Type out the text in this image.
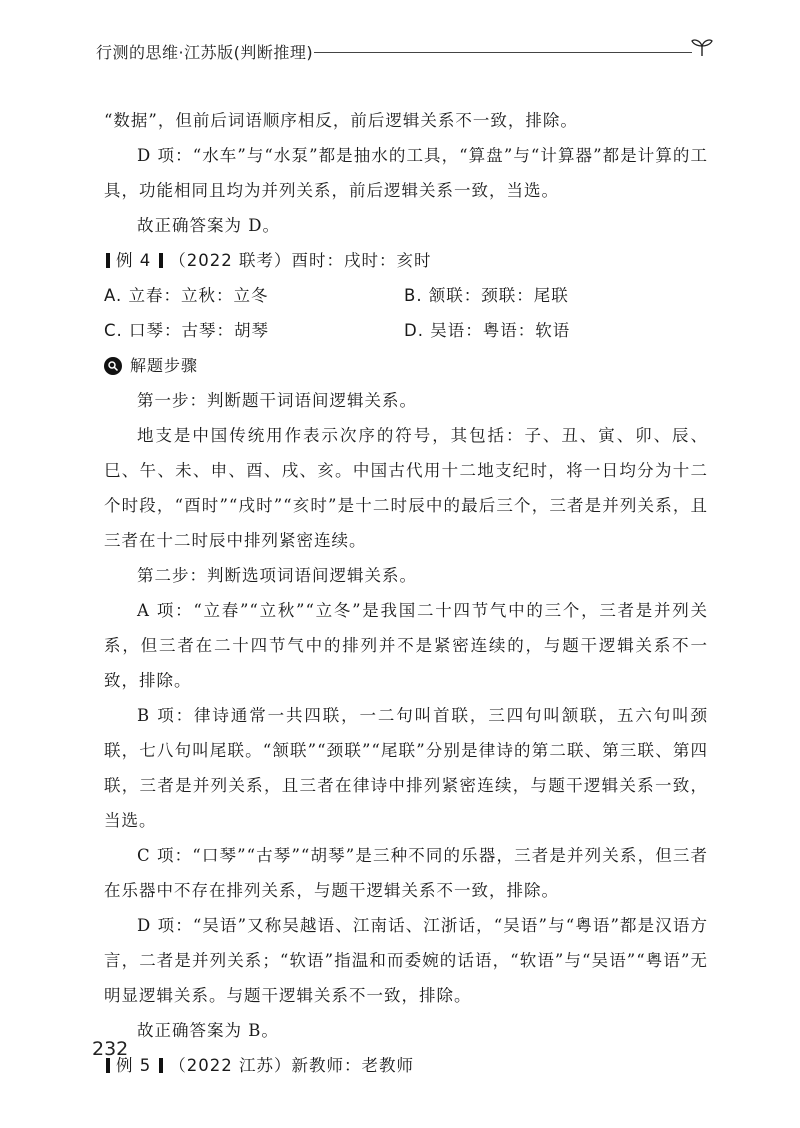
行测的思维·江苏版(判断推理)

“数据”，但前后词语顺序相反，前后逻辑关系不一致，排除。

D 项：“水车”与“水泵”都是抽水的工具，“算盘”与“计算器”都是计算的工具，功能相同且均为并列关系，前后逻辑关系一致，当选。

故正确答案为 D。

例 4 （2022 联考）酉时：戌时：亥时
A. 立春：立秋：立冬	B. 颔联：颈联：尾联
C. 口琴：古琴：胡琴	D. 吴语：粤语：软语
解题步骤

第一步：判断题干词语间逻辑关系。

地支是中国传统用作表示次序的符号，其包括：子、丑、寅、卯、辰、巳、午、未、申、酉、戌、亥。中国古代用十二地支纪时，将一日均分为十二个时段，“酉时”“戌时”“亥时”是十二时辰中的最后三个，三者是并列关系，且三者在十二时辰中排列紧密连续。

第二步：判断选项词语间逻辑关系。

A 项：“立春”“立秋”“立冬”是我国二十四节气中的三个，三者是并列关系，但三者在二十四节气中的排列并不是紧密连续的，与题干逻辑关系不一致，排除。

B 项：律诗通常一共四联，一二句叫首联，三四句叫颔联，五六句叫颈联，七八句叫尾联。“颔联”“颈联”“尾联”分别是律诗的第二联、第三联、第四联，三者是并列关系，且三者在律诗中排列紧密连续，与题干逻辑关系一致，当选。

C 项：“口琴”“古琴”“胡琴”是三种不同的乐器，三者是并列关系，但三者在乐器中不存在排列关系，与题干逻辑关系不一致，排除。

D 项：“吴语”又称吴越语、江南话、江浙话，“吴语”与“粤语”都是汉语方言，二者是并列关系；“软语”指温和而委婉的话语，“软语”与“吴语”“粤语”无明显逻辑关系。与题干逻辑关系不一致，排除。

故正确答案为 B。

例 5 （2022 江苏）新教师：老教师
232
